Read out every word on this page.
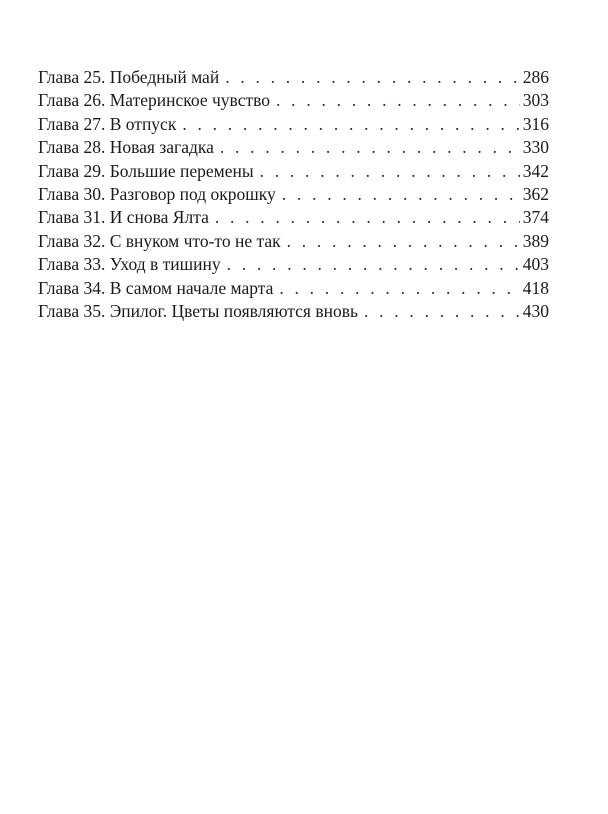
Глава 25. Победный май . . .	286
Глава 26. Материнское чувство . . .	303
Глава 27. В отпуск . . .	316
Глава 28. Новая загадка . . .	330
Глава 29. Большие перемены . . .	342
Глава 30. Разговор под окрошку . . .	362
Глава 31. И снова Ялта . . .	374
Глава 32. С внуком что-то не так . . .	389
Глава 33. Уход в тишину . . .	403
Глава 34. В самом начале марта . . .	418
Глава 35. Эпилог. Цветы появляются вновь . . .	430
